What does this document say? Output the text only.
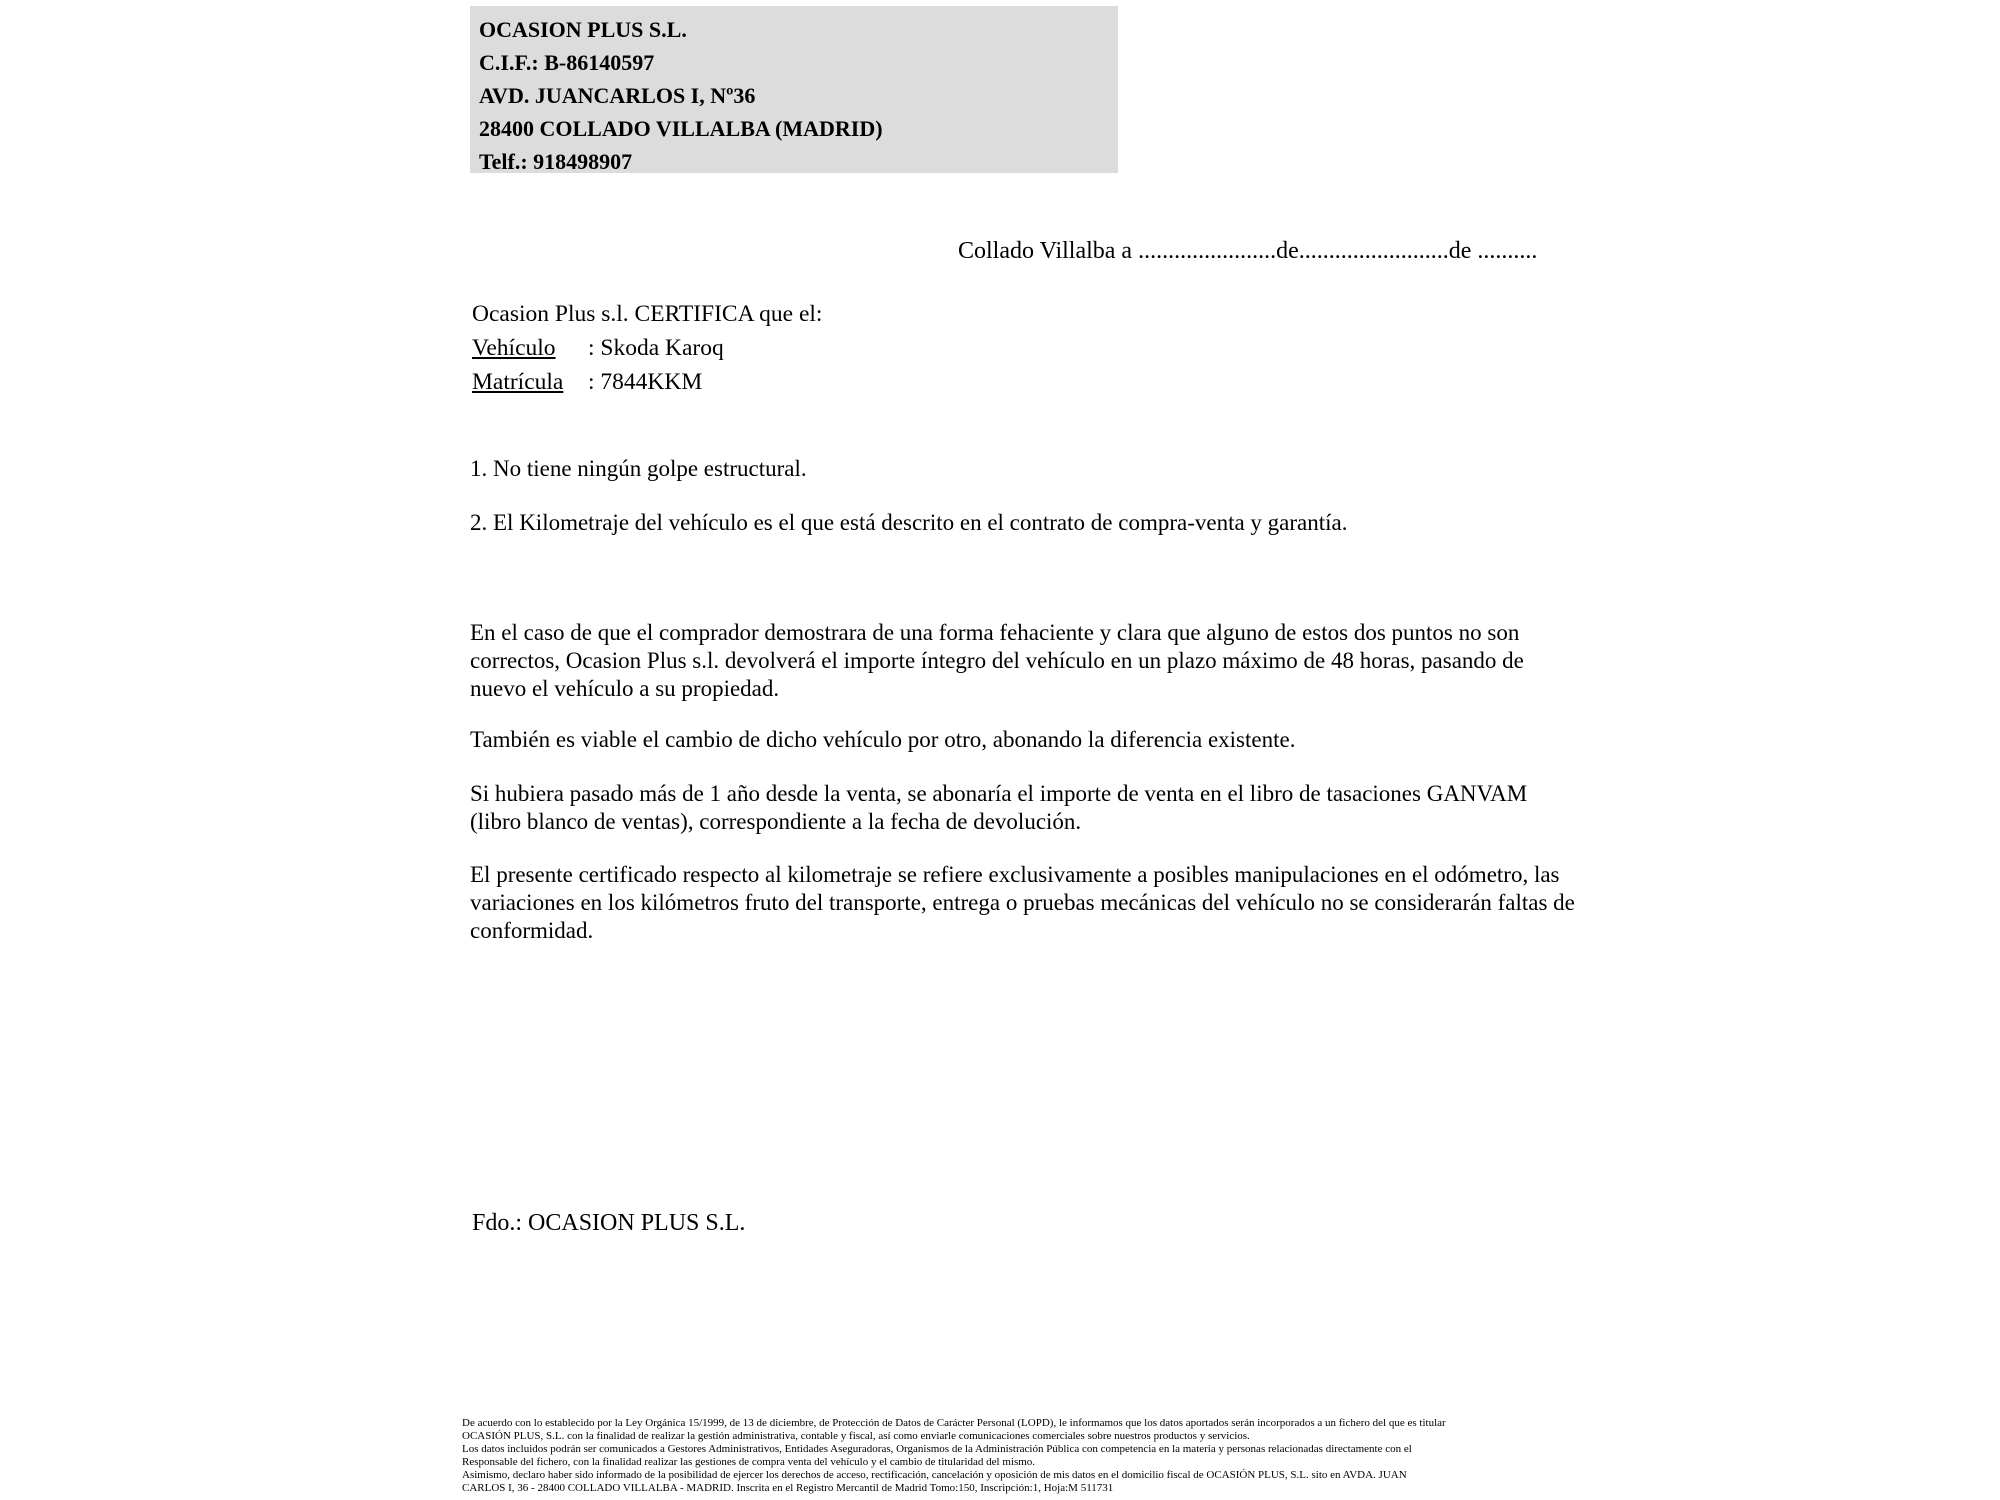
OCASION PLUS S.L.
C.I.F.: B-86140597
AVD. JUANCARLOS I, Nº36
28400 COLLADO VILLALBA (MADRID)
Telf.: 918498907
Collado Villalba a .......................de.........................de ..........
Ocasion Plus s.l. CERTIFICA que el:
Vehículo : Skoda Karoq
Matrícula : 7844KKM
1. No tiene ningún golpe estructural.
2. El Kilometraje del vehículo es el que está descrito en el contrato de compra-venta y garantía.
En el caso de que el comprador demostrara de una forma fehaciente y clara que alguno de estos dos puntos no son correctos, Ocasion Plus s.l. devolverá el importe íntegro del vehículo en un plazo máximo de 48 horas, pasando de nuevo el vehículo a su propiedad.
También es viable el cambio de dicho vehículo por otro, abonando la diferencia existente.
Si hubiera pasado más de 1 año desde la venta, se abonaría el importe de venta en el libro de tasaciones GANVAM (libro blanco de ventas), correspondiente a la fecha de devolución.
El presente certificado respecto al kilometraje se refiere exclusivamente a posibles manipulaciones en el odómetro, las variaciones en los kilómetros fruto del transporte, entrega o pruebas mecánicas del vehículo no se considerarán faltas de conformidad.
Fdo.: OCASION PLUS S.L.
De acuerdo con lo establecido por la Ley Orgánica 15/1999, de 13 de diciembre, de Protección de Datos de Carácter Personal (LOPD), le informamos que los datos aportados serán incorporados a un fichero del que es titular
OCASIÓN PLUS, S.L. con la finalidad de realizar la gestión administrativa, contable y fiscal, así como enviarle comunicaciones comerciales sobre nuestros productos y servicios.
Los datos incluidos podrán ser comunicados a Gestores Administrativos, Entidades Aseguradoras, Organismos de la Administración Pública con competencia en la materia y personas relacionadas directamente con el
Responsable del fichero, con la finalidad realizar las gestiones de compra venta del vehículo y el cambio de titularidad del mismo.
Asimismo, declaro haber sido informado de la posibilidad de ejercer los derechos de acceso, rectificación, cancelación y oposición de mis datos en el domicilio fiscal de OCASIÓN PLUS, S.L. sito en AVDA. JUAN
CARLOS I, 36 - 28400 COLLADO VILLALBA - MADRID. Inscrita en el Registro Mercantil de Madrid Tomo:150, Inscripción:1, Hoja:M 511731
